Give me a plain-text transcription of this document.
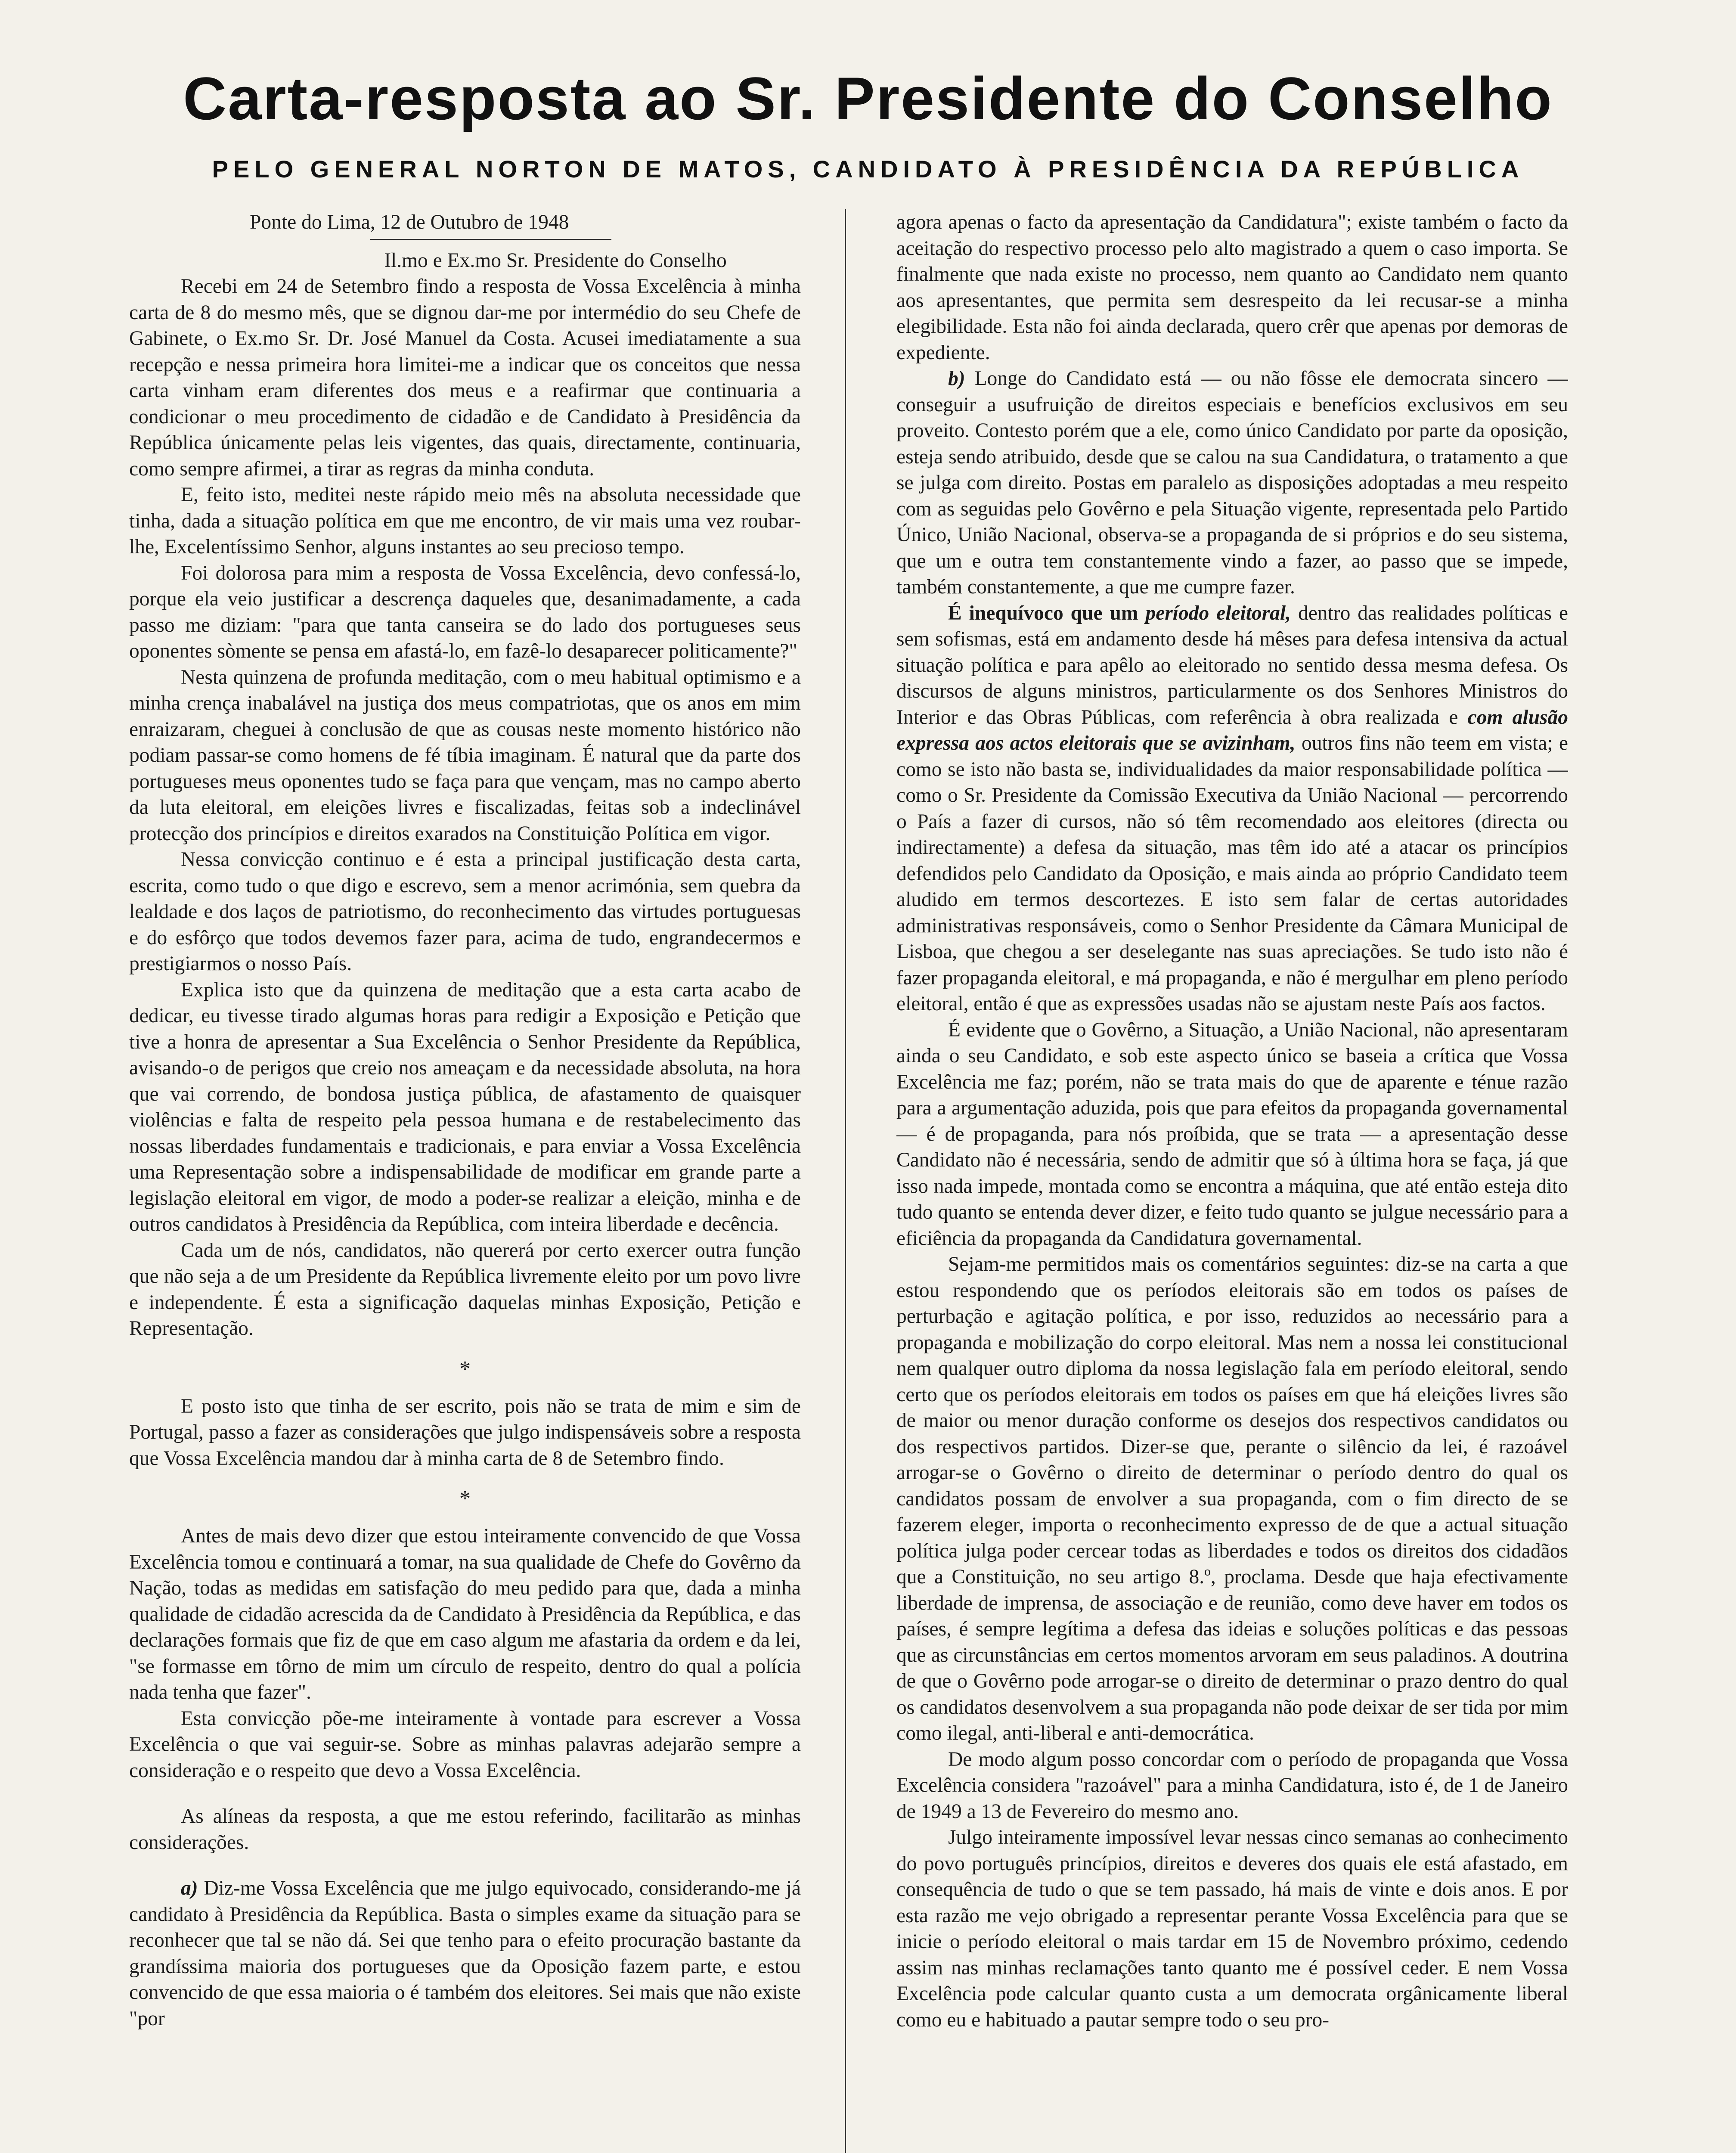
Carta-resposta ao Sr. Presidente do Conselho
PELO GENERAL NORTON DE MATOS, CANDIDATO À PRESIDÊNCIA DA REPÚBLICA

Ponte do Lima, 12 de Outubro de 1948

Il.mo e Ex.mo Sr. Presidente do Conselho

Recebi em 24 de Setembro findo a resposta de Vossa Excelência à minha carta de 8 do mesmo mês, que se dignou dar-me por intermédio do seu Chefe de Gabinete, o Ex.mo Sr. Dr. José Manuel da Costa. Acusei imediatamente a sua recepção e nessa primeira hora limitei-me a indicar que os conceitos que nessa carta vinham eram diferentes dos meus e a reafirmar que continuaria a condicionar o meu procedimento de cidadão e de Candidato à Presidência da República únicamente pelas leis vigentes, das quais, directamente, continuaria, como sempre afirmei, a tirar as regras da minha conduta.

E, feito isto, meditei neste rápido meio mês na absoluta necessidade que tinha, dada a situação política em que me encontro, de vir mais uma vez roubar-lhe, Excelentíssimo Senhor, alguns instantes ao seu precioso tempo.

Foi dolorosa para mim a resposta de Vossa Excelência, devo confessá-lo, porque ela veio justificar a descrença daqueles que, desanimadamente, a cada passo me diziam: "para que tanta canseira se do lado dos portugueses seus oponentes sòmente se pensa em afastá-lo, em fazê-lo desaparecer politicamente?"

Nesta quinzena de profunda meditação, com o meu habitual optimismo e a minha crença inabalável na justiça dos meus compatriotas, que os anos em mim enraizaram, cheguei à conclusão de que as cousas neste momento histórico não podiam passar-se como homens de fé tíbia imaginam. É natural que da parte dos portugueses meus oponentes tudo se faça para que vençam, mas no campo aberto da luta eleitoral, em eleições livres e fiscalizadas, feitas sob a indeclinável protecção dos princípios e direitos exarados na Constituição Política em vigor.

Nessa convicção continuo e é esta a principal justificação desta carta, escrita, como tudo o que digo e escrevo, sem a menor acrimónia, sem quebra da lealdade e dos laços de patriotismo, do reconhecimento das virtudes portuguesas e do esfôrço que todos devemos fazer para, acima de tudo, engrandecermos e prestigiarmos o nosso País.

Explica isto que da quinzena de meditação que a esta carta acabo de dedicar, eu tivesse tirado algumas horas para redigir a Exposição e Petição que tive a honra de apresentar a Sua Excelência o Senhor Presidente da República, avisando-o de perigos que creio nos ameaçam e da necessidade absoluta, na hora que vai correndo, de bondosa justiça pública, de afastamento de quaisquer violências e falta de respeito pela pessoa humana e de restabelecimento das nossas liberdades fundamentais e tradicionais, e para enviar a Vossa Excelência uma Representação sobre a indispensabilidade de modificar em grande parte a legislação eleitoral em vigor, de modo a poder-se realizar a eleição, minha e de outros candidatos à Presidência da República, com inteira liberdade e decência.

Cada um de nós, candidatos, não quererá por certo exercer outra função que não seja a de um Presidente da República livremente eleito por um povo livre e independente. É esta a significação daquelas minhas Exposição, Petição e Representação.

*

E posto isto que tinha de ser escrito, pois não se trata de mim e sim de Portugal, passo a fazer as considerações que julgo indispensáveis sobre a resposta que Vossa Excelência mandou dar à minha carta de 8 de Setembro findo.

*

Antes de mais devo dizer que estou inteiramente convencido de que Vossa Excelência tomou e continuará a tomar, na sua qualidade de Chefe do Govêrno da Nação, todas as medidas em satisfação do meu pedido para que, dada a minha qualidade de cidadão acrescida da de Candidato à Presidência da República, e das declarações formais que fiz de que em caso algum me afastaria da ordem e da lei, "se formasse em tôrno de mim um círculo de respeito, dentro do qual a polícia nada tenha que fazer".

Esta convicção põe-me inteiramente à vontade para escrever a Vossa Excelência o que vai seguir-se. Sobre as minhas palavras adejarão sempre a consideração e o respeito que devo a Vossa Excelência.

As alíneas da resposta, a que me estou referindo, facilitarão as minhas considerações.

a) Diz-me Vossa Excelência que me julgo equivocado, considerando-me já candidato à Presidência da República. Basta o simples exame da situação para se reconhecer que tal se não dá. Sei que tenho para o efeito procuração bastante da grandíssima maioria dos portugueses que da Oposição fazem parte, e estou convencido de que essa maioria o é também dos eleitores. Sei mais que não existe "por

agora apenas o facto da apresentação da Candidatura"; existe também o facto da aceitação do respectivo processo pelo alto magistrado a quem o caso importa. Se finalmente que nada existe no processo, nem quanto ao Candidato nem quanto aos apresentantes, que permita sem desrespeito da lei recusar-se a minha elegibilidade. Esta não foi ainda declarada, quero crêr que apenas por demoras de expediente.

b) Longe do Candidato está — ou não fôsse ele democrata sincero — conseguir a usufruição de direitos especiais e benefícios exclusivos em seu proveito. Contesto porém que a ele, como único Candidato por parte da oposição, esteja sendo atribuido, desde que se calou na sua Candidatura, o tratamento a que se julga com direito. Postas em paralelo as disposições adoptadas a meu respeito com as seguidas pelo Govêrno e pela Situação vigente, representada pelo Partido Único, União Nacional, observa-se a propaganda de si próprios e do seu sistema, que um e outra tem constantemente vindo a fazer, ao passo que se impede, também constantemente, a que me cumpre fazer.

É inequívoco que um período eleitoral, dentro das realidades políticas e sem sofismas, está em andamento desde há mêses para defesa intensiva da actual situação política e para apêlo ao eleitorado no sentido dessa mesma defesa. Os discursos de alguns ministros, particularmente os dos Senhores Ministros do Interior e das Obras Públicas, com referência à obra realizada e com alusão expressa aos actos eleitorais que se avizinham, outros fins não teem em vista; e como se isto não basta se, individualidades da maior responsabilidade política — como o Sr. Presidente da Comissão Executiva da União Nacional — percorrendo o País a fazer di cursos, não só têm recomendado aos eleitores (directa ou indirectamente) a defesa da situação, mas têm ido até a atacar os princípios defendidos pelo Candidato da Oposição, e mais ainda ao próprio Candidato teem aludido em termos descortezes. E isto sem falar de certas autoridades administrativas responsáveis, como o Senhor Presidente da Câmara Municipal de Lisboa, que chegou a ser deselegante nas suas apreciações. Se tudo isto não é fazer propaganda eleitoral, e má propaganda, e não é mergulhar em pleno período eleitoral, então é que as expressões usadas não se ajustam neste País aos factos.

É evidente que o Govêrno, a Situação, a União Nacional, não apresentaram ainda o seu Candidato, e sob este aspecto único se baseia a crítica que Vossa Excelência me faz; porém, não se trata mais do que de aparente e ténue razão para a argumentação aduzida, pois que para efeitos da propaganda governamental — é de propaganda, para nós proíbida, que se trata — a apresentação desse Candidato não é necessária, sendo de admitir que só à última hora se faça, já que isso nada impede, montada como se encontra a máquina, que até então esteja dito tudo quanto se entenda dever dizer, e feito tudo quanto se julgue necessário para a eficiência da propaganda da Candidatura governamental.

Sejam-me permitidos mais os comentários seguintes: diz-se na carta a que estou respondendo que os períodos eleitorais são em todos os países de perturbação e agitação política, e por isso, reduzidos ao necessário para a propaganda e mobilização do corpo eleitoral. Mas nem a nossa lei constitucional nem qualquer outro diploma da nossa legislação fala em período eleitoral, sendo certo que os períodos eleitorais em todos os países em que há eleições livres são de maior ou menor duração conforme os desejos dos respectivos candidatos ou dos respectivos partidos. Dizer-se que, perante o silêncio da lei, é razoável arrogar-se o Govêrno o direito de determinar o período dentro do qual os candidatos possam de envolver a sua propaganda, com o fim directo de se fazerem eleger, importa o reconhecimento expresso de de que a actual situação política julga poder cercear todas as liberdades e todos os direitos dos cidadãos que a Constituição, no seu artigo 8.º, proclama. Desde que haja efectivamente liberdade de imprensa, de associação e de reunião, como deve haver em todos os países, é sempre legítima a defesa das ideias e soluções políticas e das pessoas que as circunstâncias em certos momentos arvoram em seus paladinos. A doutrina de que o Govêrno pode arrogar-se o direito de determinar o prazo dentro do qual os candidatos desenvolvem a sua propaganda não pode deixar de ser tida por mim como ilegal, anti-liberal e anti-democrática.

De modo algum posso concordar com o período de propaganda que Vossa Excelência considera "razoável" para a minha Candidatura, isto é, de 1 de Janeiro de 1949 a 13 de Fevereiro do mesmo ano.

Julgo inteiramente impossível levar nessas cinco semanas ao conhecimento do povo português princípios, direitos e deveres dos quais ele está afastado, em consequência de tudo o que se tem passado, há mais de vinte e dois anos. E por esta razão me vejo obrigado a representar perante Vossa Excelência para que se inicie o período eleitoral o mais tardar em 15 de Novembro próximo, cedendo assim nas minhas reclamações tanto quanto me é possível ceder. E nem Vossa Excelência pode calcular quanto custa a um democrata orgânicamente liberal como eu e habituado a pautar sempre todo o seu pro-
